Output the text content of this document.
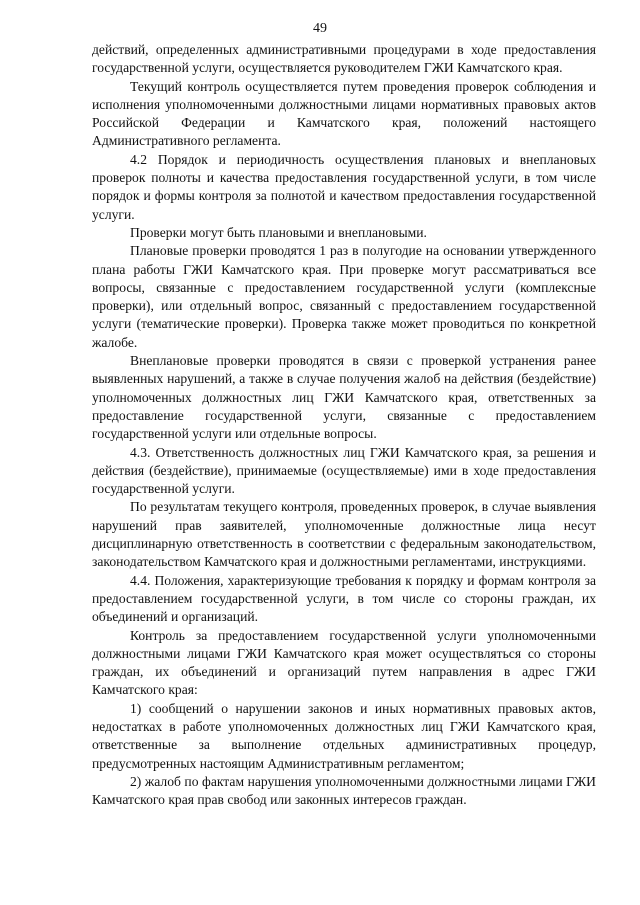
49

действий, определенных административными процедурами в ходе предоставления государственной услуги, осуществляется руководителем ГЖИ Камчатского края.

Текущий контроль осуществляется путем проведения проверок соблюдения и исполнения уполномоченными должностными лицами нормативных правовых актов Российской Федерации и Камчатского края, положений настоящего Административного регламента.

4.2 Порядок и периодичность осуществления плановых и внеплановых проверок полноты и качества предоставления государственной услуги, в том числе порядок и формы контроля за полнотой и качеством предоставления государственной услуги.

Проверки могут быть плановыми и внеплановыми.

Плановые проверки проводятся 1 раз в полугодие на основании утвержденного плана работы ГЖИ Камчатского края. При проверке могут рассматриваться все вопросы, связанные с предоставлением государственной услуги (комплексные проверки), или отдельный вопрос, связанный с предоставлением государственной услуги (тематические проверки). Проверка также может проводиться по конкретной жалобе.

Внеплановые проверки проводятся в связи с проверкой устранения ранее выявленных нарушений, а также в случае получения жалоб на действия (бездействие) уполномоченных должностных лиц ГЖИ Камчатского края, ответственных за предоставление государственной услуги, связанные с предоставлением государственной услуги или отдельные вопросы.

4.3. Ответственность должностных лиц ГЖИ Камчатского края, за решения и действия (бездействие), принимаемые (осуществляемые) ими в ходе предоставления государственной услуги.

По результатам текущего контроля, проведенных проверок, в случае выявления нарушений прав заявителей, уполномоченные должностные лица несут дисциплинарную ответственность в соответствии с федеральным законодательством, законодательством Камчатского края и должностными регламентами, инструкциями.

4.4. Положения, характеризующие требования к порядку и формам контроля за предоставлением государственной услуги, в том числе со стороны граждан, их объединений и организаций.

Контроль за предоставлением государственной услуги уполномоченными должностными лицами ГЖИ Камчатского края может осуществляться со стороны граждан, их объединений и организаций путем направления в адрес ГЖИ Камчатского края:

1) сообщений о нарушении законов и иных нормативных правовых актов, недостатках в работе уполномоченных должностных лиц ГЖИ Камчатского края, ответственные за выполнение отдельных административных процедур, предусмотренных настоящим Административным регламентом;

2) жалоб по фактам нарушения уполномоченными должностными лицами ГЖИ Камчатского края прав свобод или законных интересов граждан.
